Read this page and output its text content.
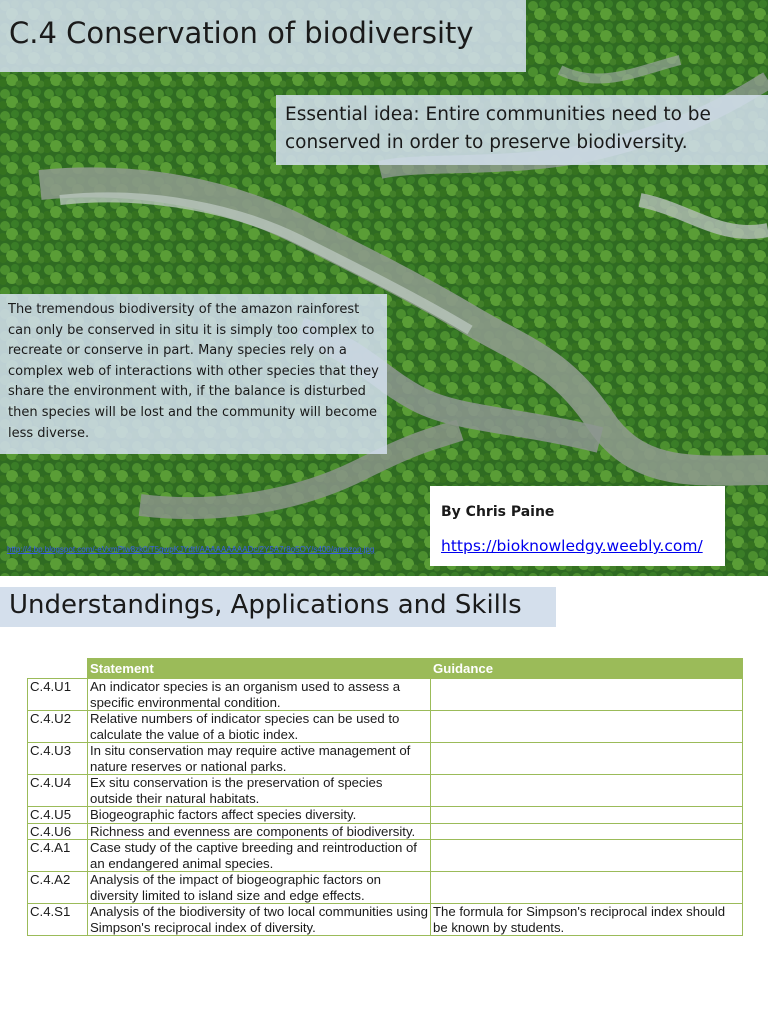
C.4 Conservation of biodiversity
Essential idea: Entire communities need to be conserved in order to preserve biodiversity.
The tremendous biodiversity of the amazon rainforest can only be conserved in situ it is simply too complex to recreate or conserve in part. Many species rely on a complex web of interactions with other species that they share the environment with, if the balance is disturbed then species will be lost and the community will become less diverse.
By Chris Paine
https://bioknowledgy.weebly.com/
http://4.bp.blogspot.com/-eVxmPlw8zk0/T5gwpKJYdtI/AAAAAAAAADc/2Y5A7r8o5OY/s400/amazon.jpg
Understandings, Applications and Skills
	Statement	Guidance
C.4.U1	An indicator species is an organism used to assess a specific environmental condition.	
C.4.U2	Relative numbers of indicator species can be used to calculate the value of a biotic index.	
C.4.U3	In situ conservation may require active management of nature reserves or national parks.	
C.4.U4	Ex situ conservation is the preservation of species outside their natural habitats.	
C.4.U5	Biogeographic factors affect species diversity.	
C.4.U6	Richness and evenness are components of biodiversity.	
C.4.A1	Case study of the captive breeding and reintroduction of an endangered animal species.	
C.4.A2	Analysis of the impact of biogeographic factors on diversity limited to island size and edge effects.	
C.4.S1	Analysis of the biodiversity of two local communities using Simpson's reciprocal index of diversity.	The formula for Simpson's reciprocal index should be known by students.
